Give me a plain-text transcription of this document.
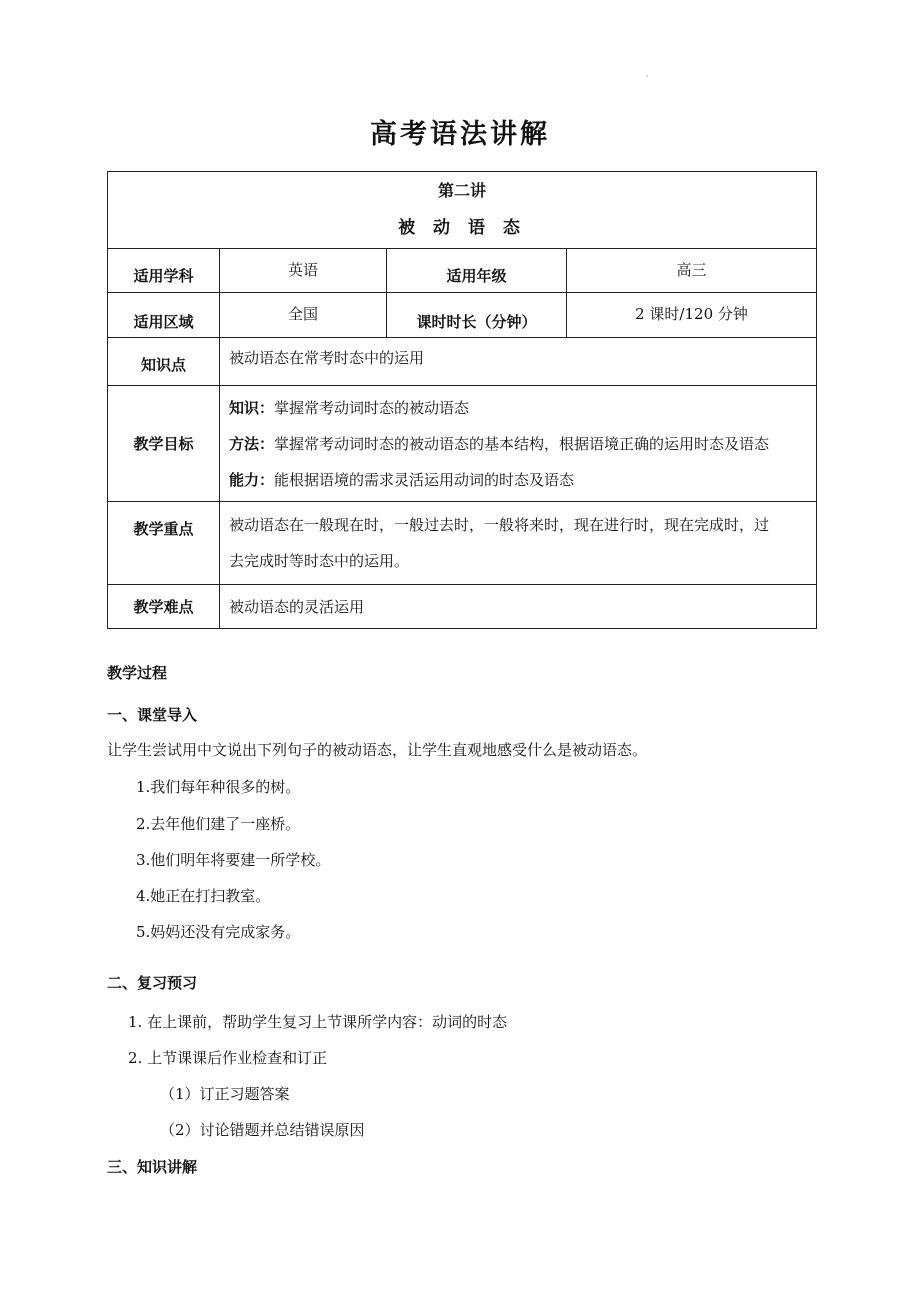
'
高考语法讲解
第二讲
被 动 语 态			

适用学科	英语	适用年级	高三
适用区域	全国	课时时长（分钟）	2 课时/120 分钟
知识点	被动语态在常考时态中的运用		
教学目标	知识：掌握常考动词时态的被动语态

方法：掌握常考动词时态的被动语态的基本结构，根据语境正确的运用时态及语态

能力：能根据语境的需求灵活运用动词的时态及语态		

教学重点	被动语态在一般现在时，一般过去时，一般将来时，现在进行时，现在完成时，过

去完成时等时态中的运用。		

教学难点	被动语态的灵活运用		
教学过程
一、课堂导入
让学生尝试用中文说出下列句子的被动语态，让学生直观地感受什么是被动语态。
1.我们每年种很多的树。
2.去年他们建了一座桥。
3.他们明年将要建一所学校。
4.她正在打扫教室。
5.妈妈还没有完成家务。
二、复习预习
1. 在上课前，帮助学生复习上节课所学内容：动词的时态
2. 上节课课后作业检查和订正
（1）订正习题答案
（2）讨论错题并总结错误原因
三、知识讲解
